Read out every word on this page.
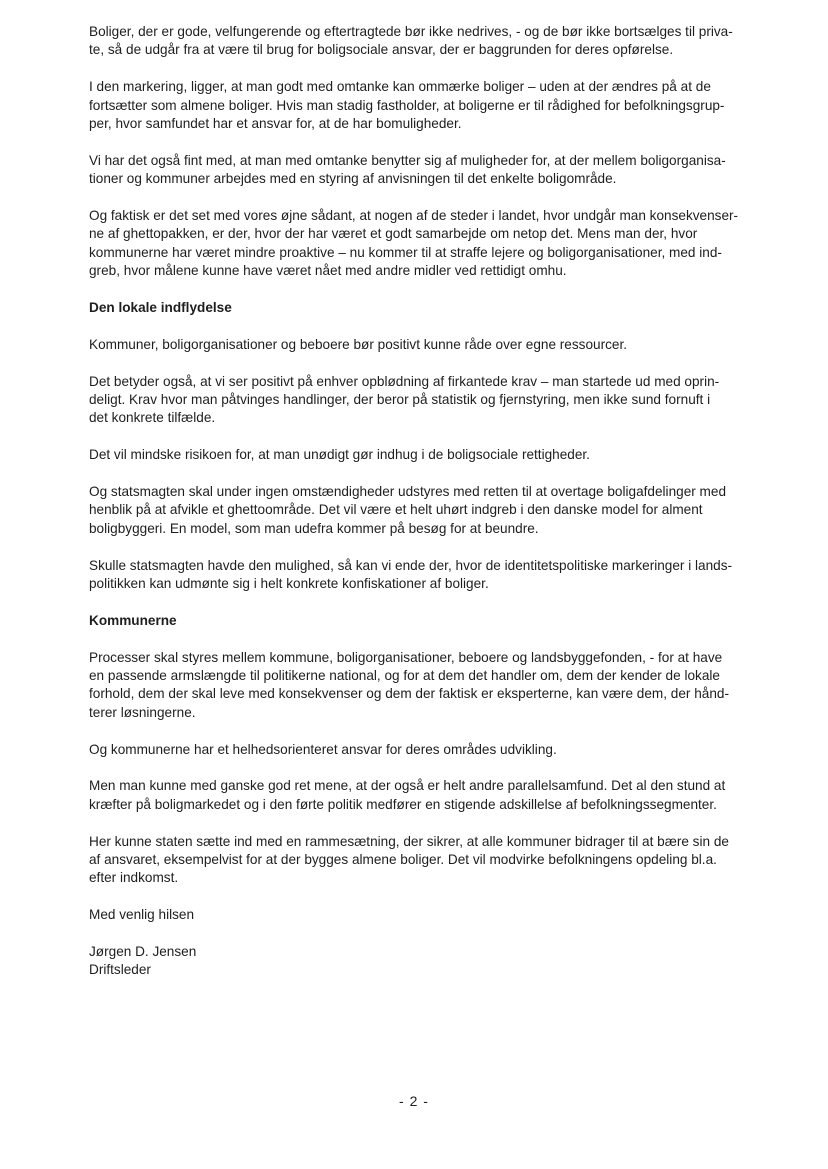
Boliger, der er gode, velfungerende og eftertragtede bør ikke nedrives, - og de bør ikke bortsælges til priva-
te, så de udgår fra at være til brug for boligsociale ansvar, der er baggrunden for deres opførelse.
I den markering, ligger, at man godt med omtanke kan ommærke boliger – uden at der ændres på at de
fortsætter som almene boliger. Hvis man stadig fastholder, at boligerne er til rådighed for befolkningsgrup-
per, hvor samfundet har et ansvar for, at de har bomuligheder.
Vi har det også fint med, at man med omtanke benytter sig af muligheder for, at der mellem boligorganisa-
tioner og kommuner arbejdes med en styring af anvisningen til det enkelte boligområde.
Og faktisk er det set med vores øjne sådant, at nogen af de steder i landet, hvor undgår man konsekvenser-
ne af ghettopakken, er der, hvor der har været et godt samarbejde om netop det. Mens man der, hvor
kommunerne har været mindre proaktive – nu kommer til at straffe lejere og boligorganisationer, med ind-
greb, hvor målene kunne have været nået med andre midler ved rettidigt omhu.
Den lokale indflydelse
Kommuner, boligorganisationer og beboere bør positivt kunne råde over egne ressourcer.
Det betyder også, at vi ser positivt på enhver opblødning af firkantede krav – man startede ud med oprin-
deligt. Krav hvor man påtvinges handlinger, der beror på statistik og fjernstyring, men ikke sund fornuft i
det konkrete tilfælde.
Det vil mindske risikoen for, at man unødigt gør indhug i de boligsociale rettigheder.
Og statsmagten skal under ingen omstændigheder udstyres med retten til at overtage boligafdelinger med
henblik på at afvikle et ghettoområde. Det vil være et helt uhørt indgreb i den danske model for alment
boligbyggeri. En model, som man udefra kommer på besøg for at beundre.
Skulle statsmagten havde den mulighed, så kan vi ende der, hvor de identitetspolitiske markeringer i lands-
politikken kan udmønte sig i helt konkrete konfiskationer af boliger.
Kommunerne
Processer skal styres mellem kommune, boligorganisationer, beboere og landsbyggefonden, - for at have
en passende armslængde til politikerne national, og for at dem det handler om, dem der kender de lokale
forhold, dem der skal leve med konsekvenser og dem der faktisk er eksperterne, kan være dem, der hånd-
terer løsningerne.
Og kommunerne har et helhedsorienteret ansvar for deres områdes udvikling.
Men man kunne med ganske god ret mene, at der også er helt andre parallelsamfund. Det al den stund at
kræfter på boligmarkedet og i den førte politik medfører en stigende adskillelse af befolkningssegmenter.
Her kunne staten sætte ind med en rammesætning, der sikrer, at alle kommuner bidrager til at bære sin de
af ansvaret, eksempelvist for at der bygges almene boliger. Det vil modvirke befolkningens opdeling bl.a.
efter indkomst.
Med venlig hilsen
Jørgen D. Jensen
Driftsleder
- 2 -
